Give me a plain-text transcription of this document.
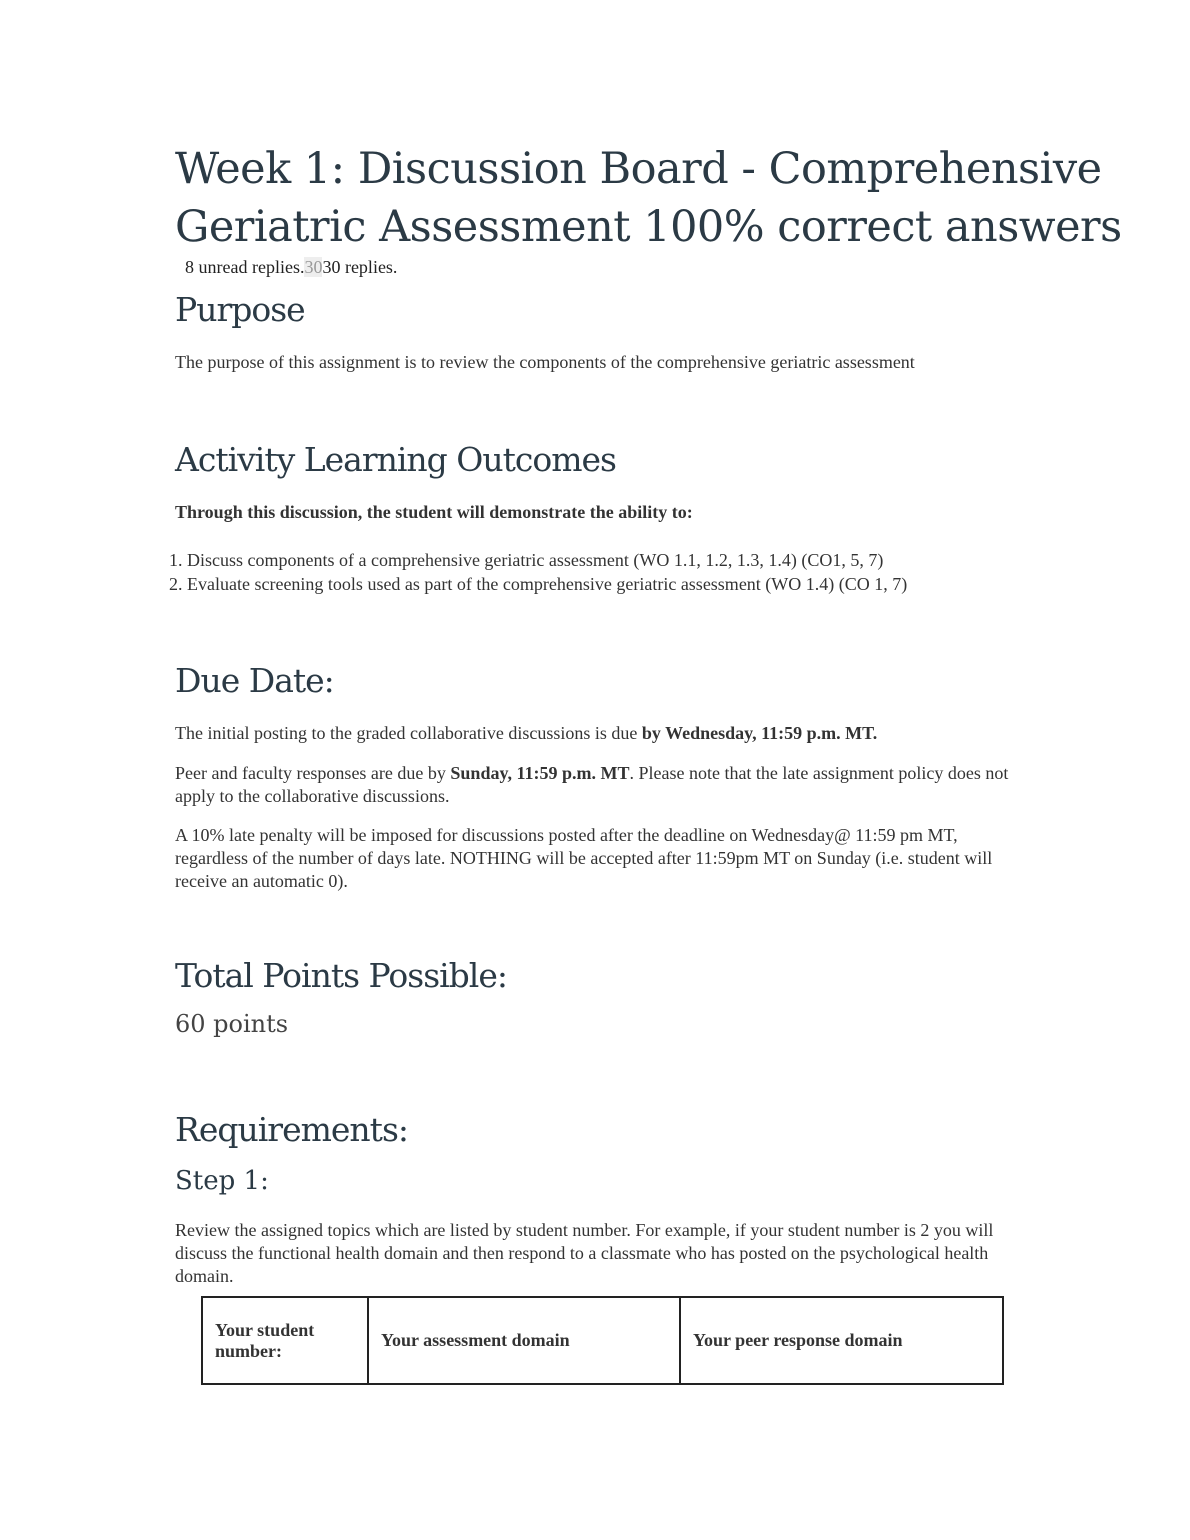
Week 1: Discussion Board - Comprehensive Geriatric Assessment 100% correct answers
8 unread replies.3030 replies.
Purpose

The purpose of this assignment is to review the components of the comprehensive geriatric assessment

Activity Learning Outcomes

Through this discussion, the student will demonstrate the ability to:

1. Discuss components of a comprehensive geriatric assessment (WO 1.1, 1.2, 1.3, 1.4) (CO1, 5, 7)
2. Evaluate screening tools used as part of the comprehensive geriatric assessment (WO 1.4) (CO 1, 7)
Due Date:

The initial posting to the graded collaborative discussions is due by Wednesday, 11:59 p.m. MT.

Peer and faculty responses are due by Sunday, 11:59 p.m. MT. Please note that the late assignment policy does not apply to the collaborative discussions.

A 10% late penalty will be imposed for discussions posted after the deadline on Wednesday@ 11:59 pm MT, regardless of the number of days late. NOTHING will be accepted after 11:59pm MT on Sunday (i.e. student will receive an automatic 0).

Total Points Possible:

60 points

Requirements:
Step 1:

Review the assigned topics which are listed by student number. For example, if your student number is 2 you will discuss the functional health domain and then respond to a classmate who has posted on the psychological health domain.

Your student number:	Your assessment domain	Your peer response domain
